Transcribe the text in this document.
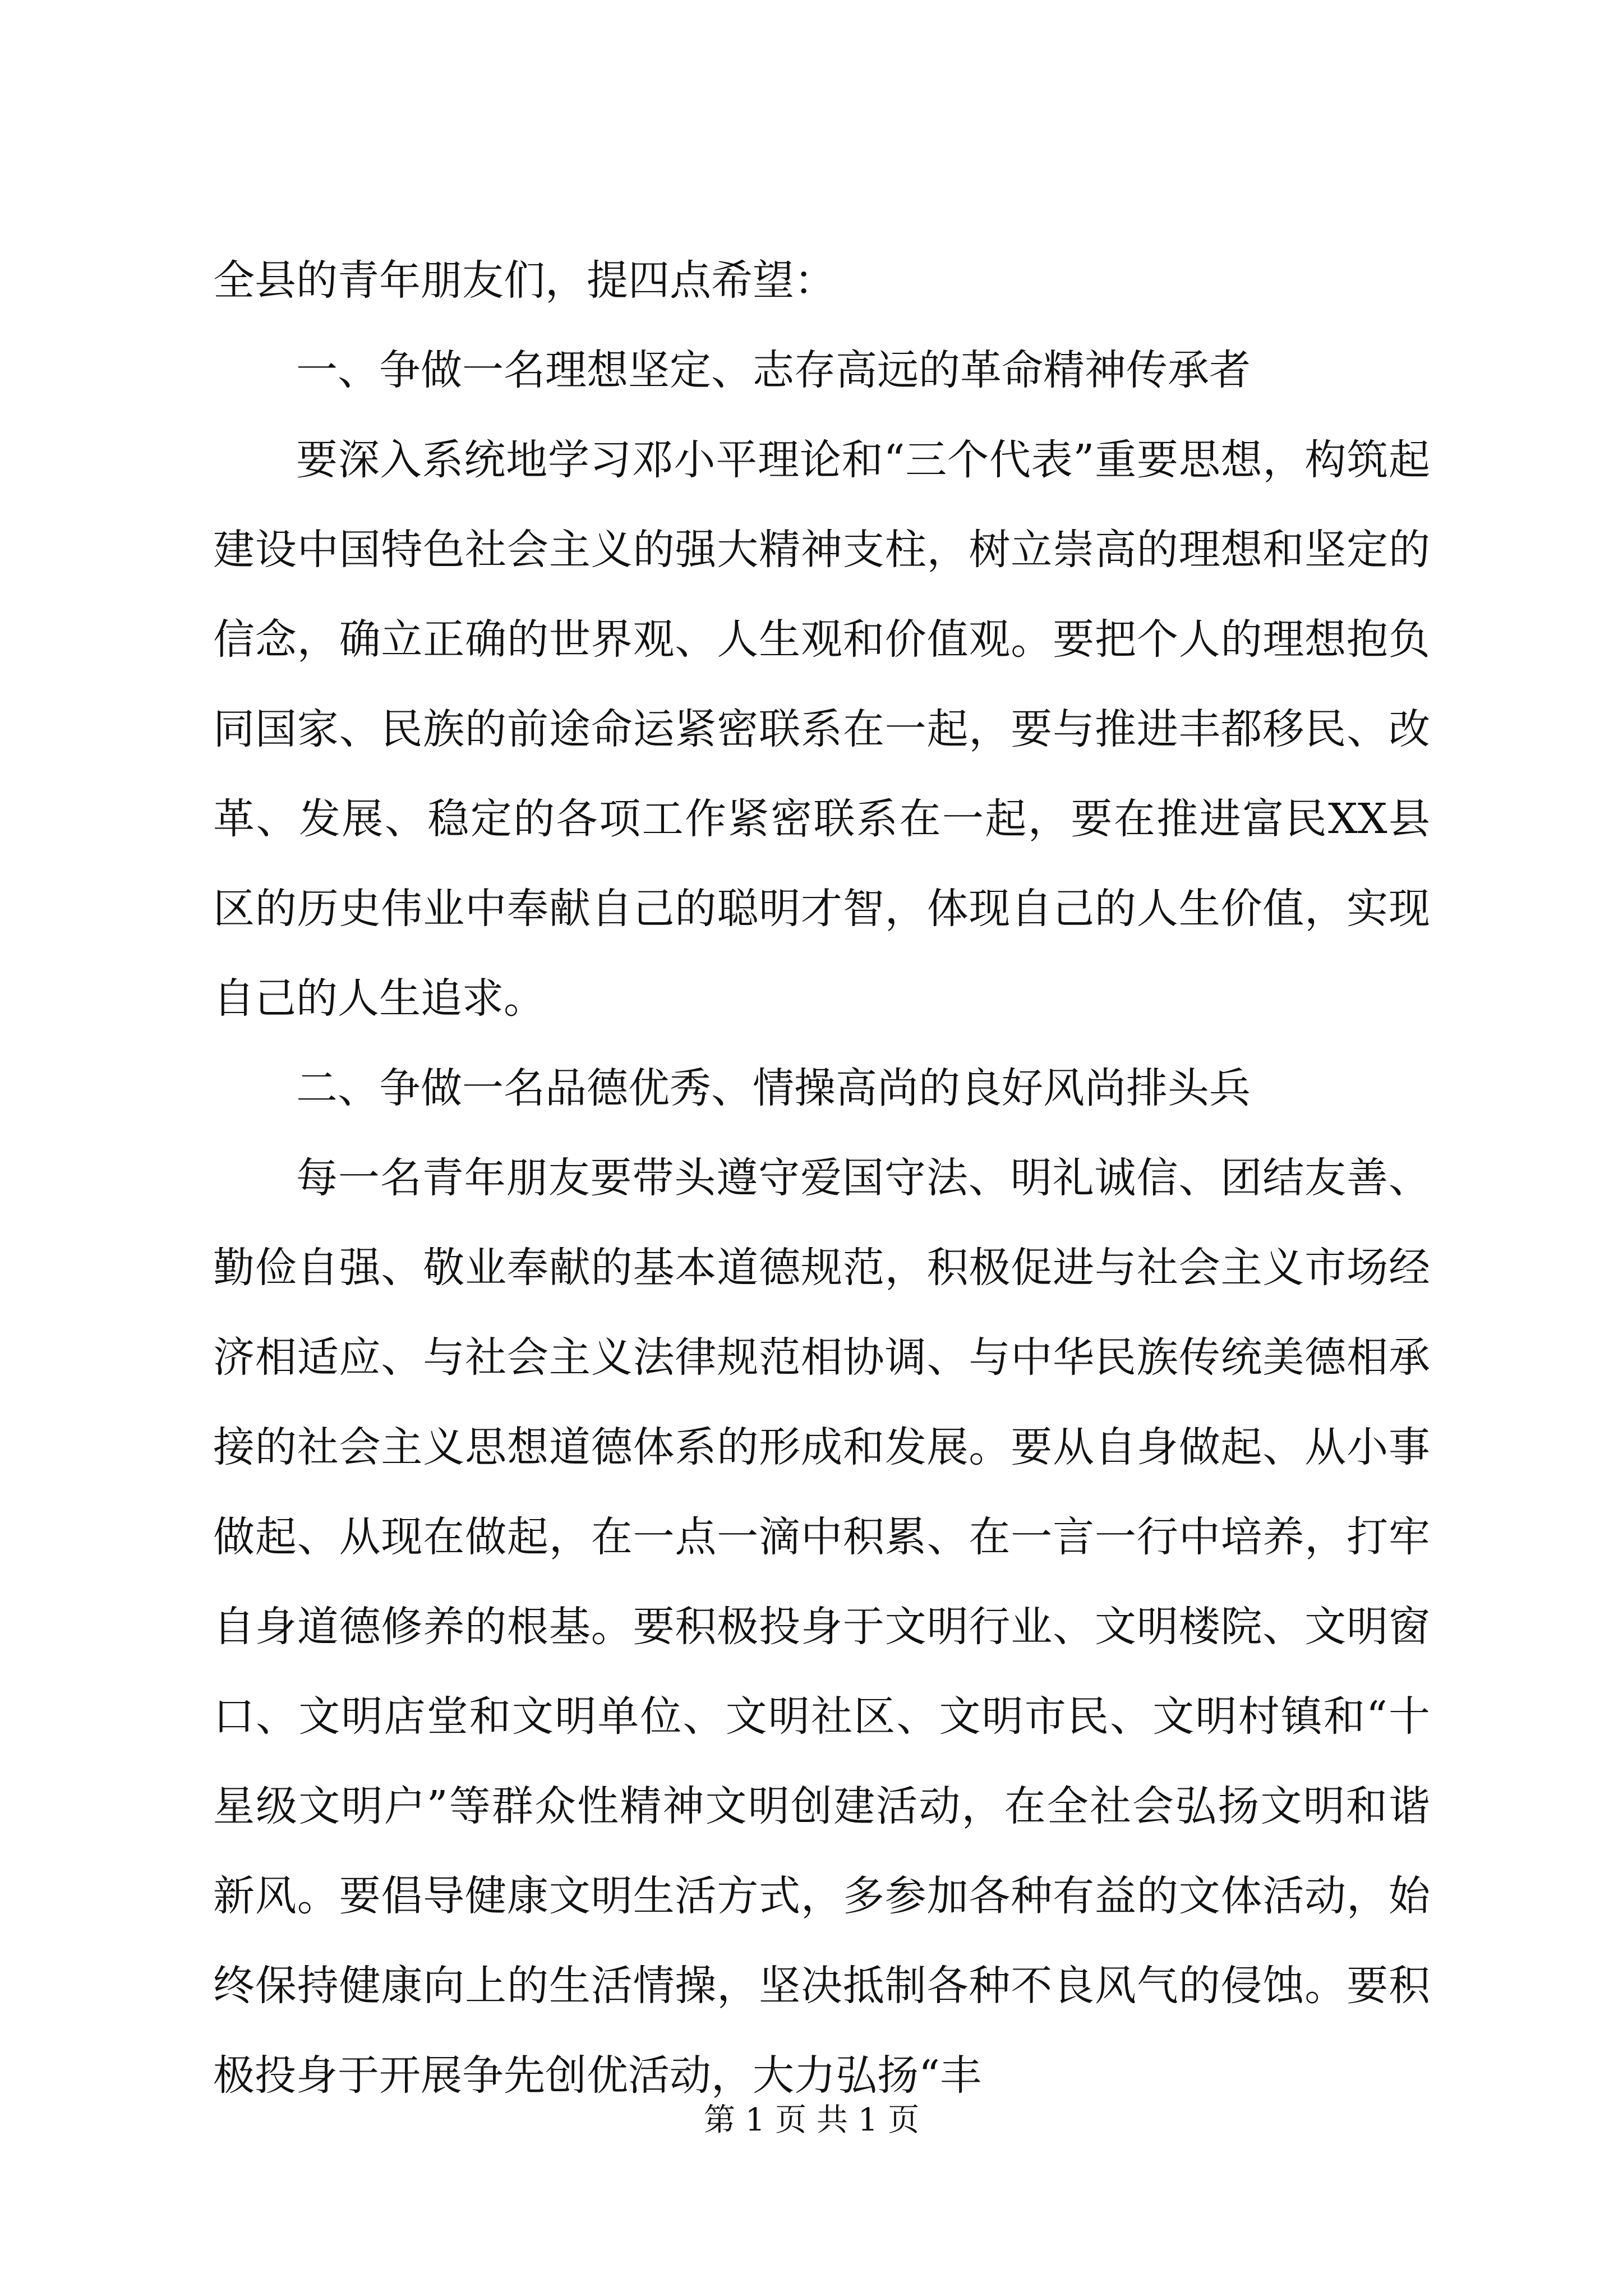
全县的青年朋友们，提四点希望：

一、争做一名理想坚定、志存高远的革命精神传承者

要深入系统地学习邓小平理论和“三个代表”重要思想，构筑起建设中国特色社会主义的强大精神支柱，树立崇高的理想和坚定的信念，确立正确的世界观、人生观和价值观。要把个人的理想抱负同国家、民族的前途命运紧密联系在一起，要与推进丰都移民、改革、发展、稳定的各项工作紧密联系在一起，要在推进富民XX县区的历史伟业中奉献自己的聪明才智，体现自己的人生价值，实现自己的人生追求。

二、争做一名品德优秀、情操高尚的良好风尚排头兵

每一名青年朋友要带头遵守爱国守法、明礼诚信、团结友善、勤俭自强、敬业奉献的基本道德规范，积极促进与社会主义市场经济相适应、与社会主义法律规范相协调、与中华民族传统美德相承接的社会主义思想道德体系的形成和发展。要从自身做起、从小事做起、从现在做起，在一点一滴中积累、在一言一行中培养，打牢自身道德修养的根基。要积极投身于文明行业、文明楼院、文明窗口、文明店堂和文明单位、文明社区、文明市民、文明村镇和“十星级文明户”等群众性精神文明创建活动，在全社会弘扬文明和谐新风。要倡导健康文明生活方式，多参加各种有益的文体活动，始终保持健康向上的生活情操，坚决抵制各种不良风气的侵蚀。要积极投身于开展争先创优活动，大力弘扬“丰

第 1 页 共 1 页
